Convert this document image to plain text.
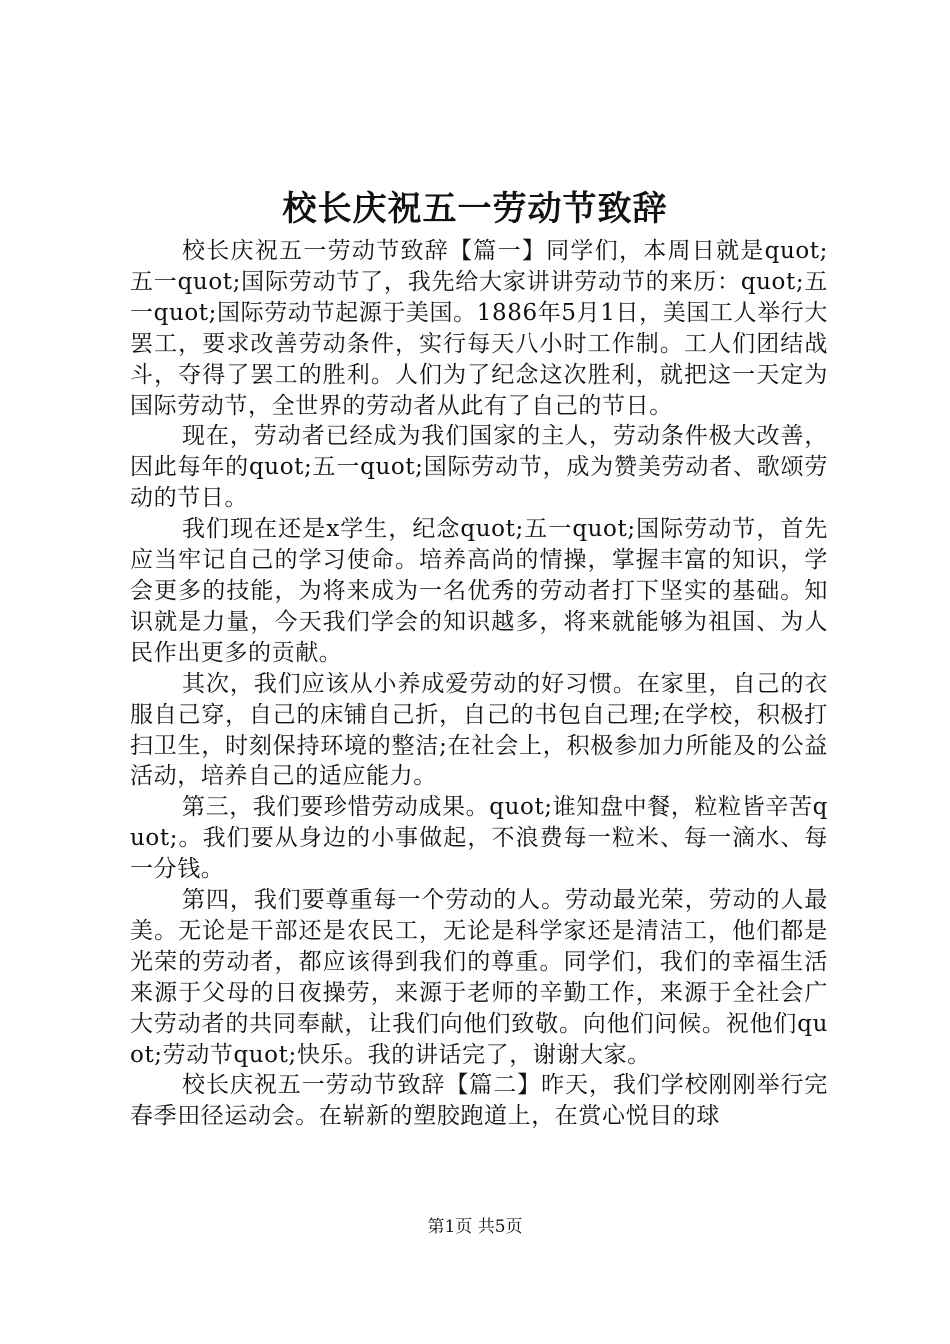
校长庆祝五一劳动节致辞

校长庆祝五一劳动节致辞【篇一】同学们，本周日就是quot;五一quot;国际劳动节了，我先给大家讲讲劳动节的来历：quot;五一quot;国际劳动节起源于美国。1886年5月1日，美国工人举行大罢工，要求改善劳动条件，实行每天八小时工作制。工人们团结战斗，夺得了罢工的胜利。人们为了纪念这次胜利，就把这一天定为国际劳动节，全世界的劳动者从此有了自己的节日。

现在，劳动者已经成为我们国家的主人，劳动条件极大改善，因此每年的quot;五一quot;国际劳动节，成为赞美劳动者、歌颂劳动的节日。

我们现在还是x学生，纪念quot;五一quot;国际劳动节，首先应当牢记自己的学习使命。培养高尚的情操，掌握丰富的知识，学会更多的技能，为将来成为一名优秀的劳动者打下坚实的基础。知识就是力量，今天我们学会的知识越多，将来就能够为祖国、为人民作出更多的贡献。

其次，我们应该从小养成爱劳动的好习惯。在家里，自己的衣服自己穿，自己的床铺自己折，自己的书包自己理;在学校，积极打扫卫生，时刻保持环境的整洁;在社会上，积极参加力所能及的公益活动，培养自己的适应能力。

第三，我们要珍惜劳动成果。quot;谁知盘中餐，粒粒皆辛苦quot;。我们要从身边的小事做起，不浪费每一粒米、每一滴水、每一分钱。

第四，我们要尊重每一个劳动的人。劳动最光荣，劳动的人最美。无论是干部还是农民工，无论是科学家还是清洁工，他们都是光荣的劳动者，都应该得到我们的尊重。同学们，我们的幸福生活来源于父母的日夜操劳，来源于老师的辛勤工作，来源于全社会广大劳动者的共同奉献，让我们向他们致敬。向他们问候。祝他们quot;劳动节quot;快乐。我的讲话完了，谢谢大家。

校长庆祝五一劳动节致辞【篇二】昨天，我们学校刚刚举行完春季田径运动会。在崭新的塑胶跑道上，在赏心悦目的球

第1页 共5页
